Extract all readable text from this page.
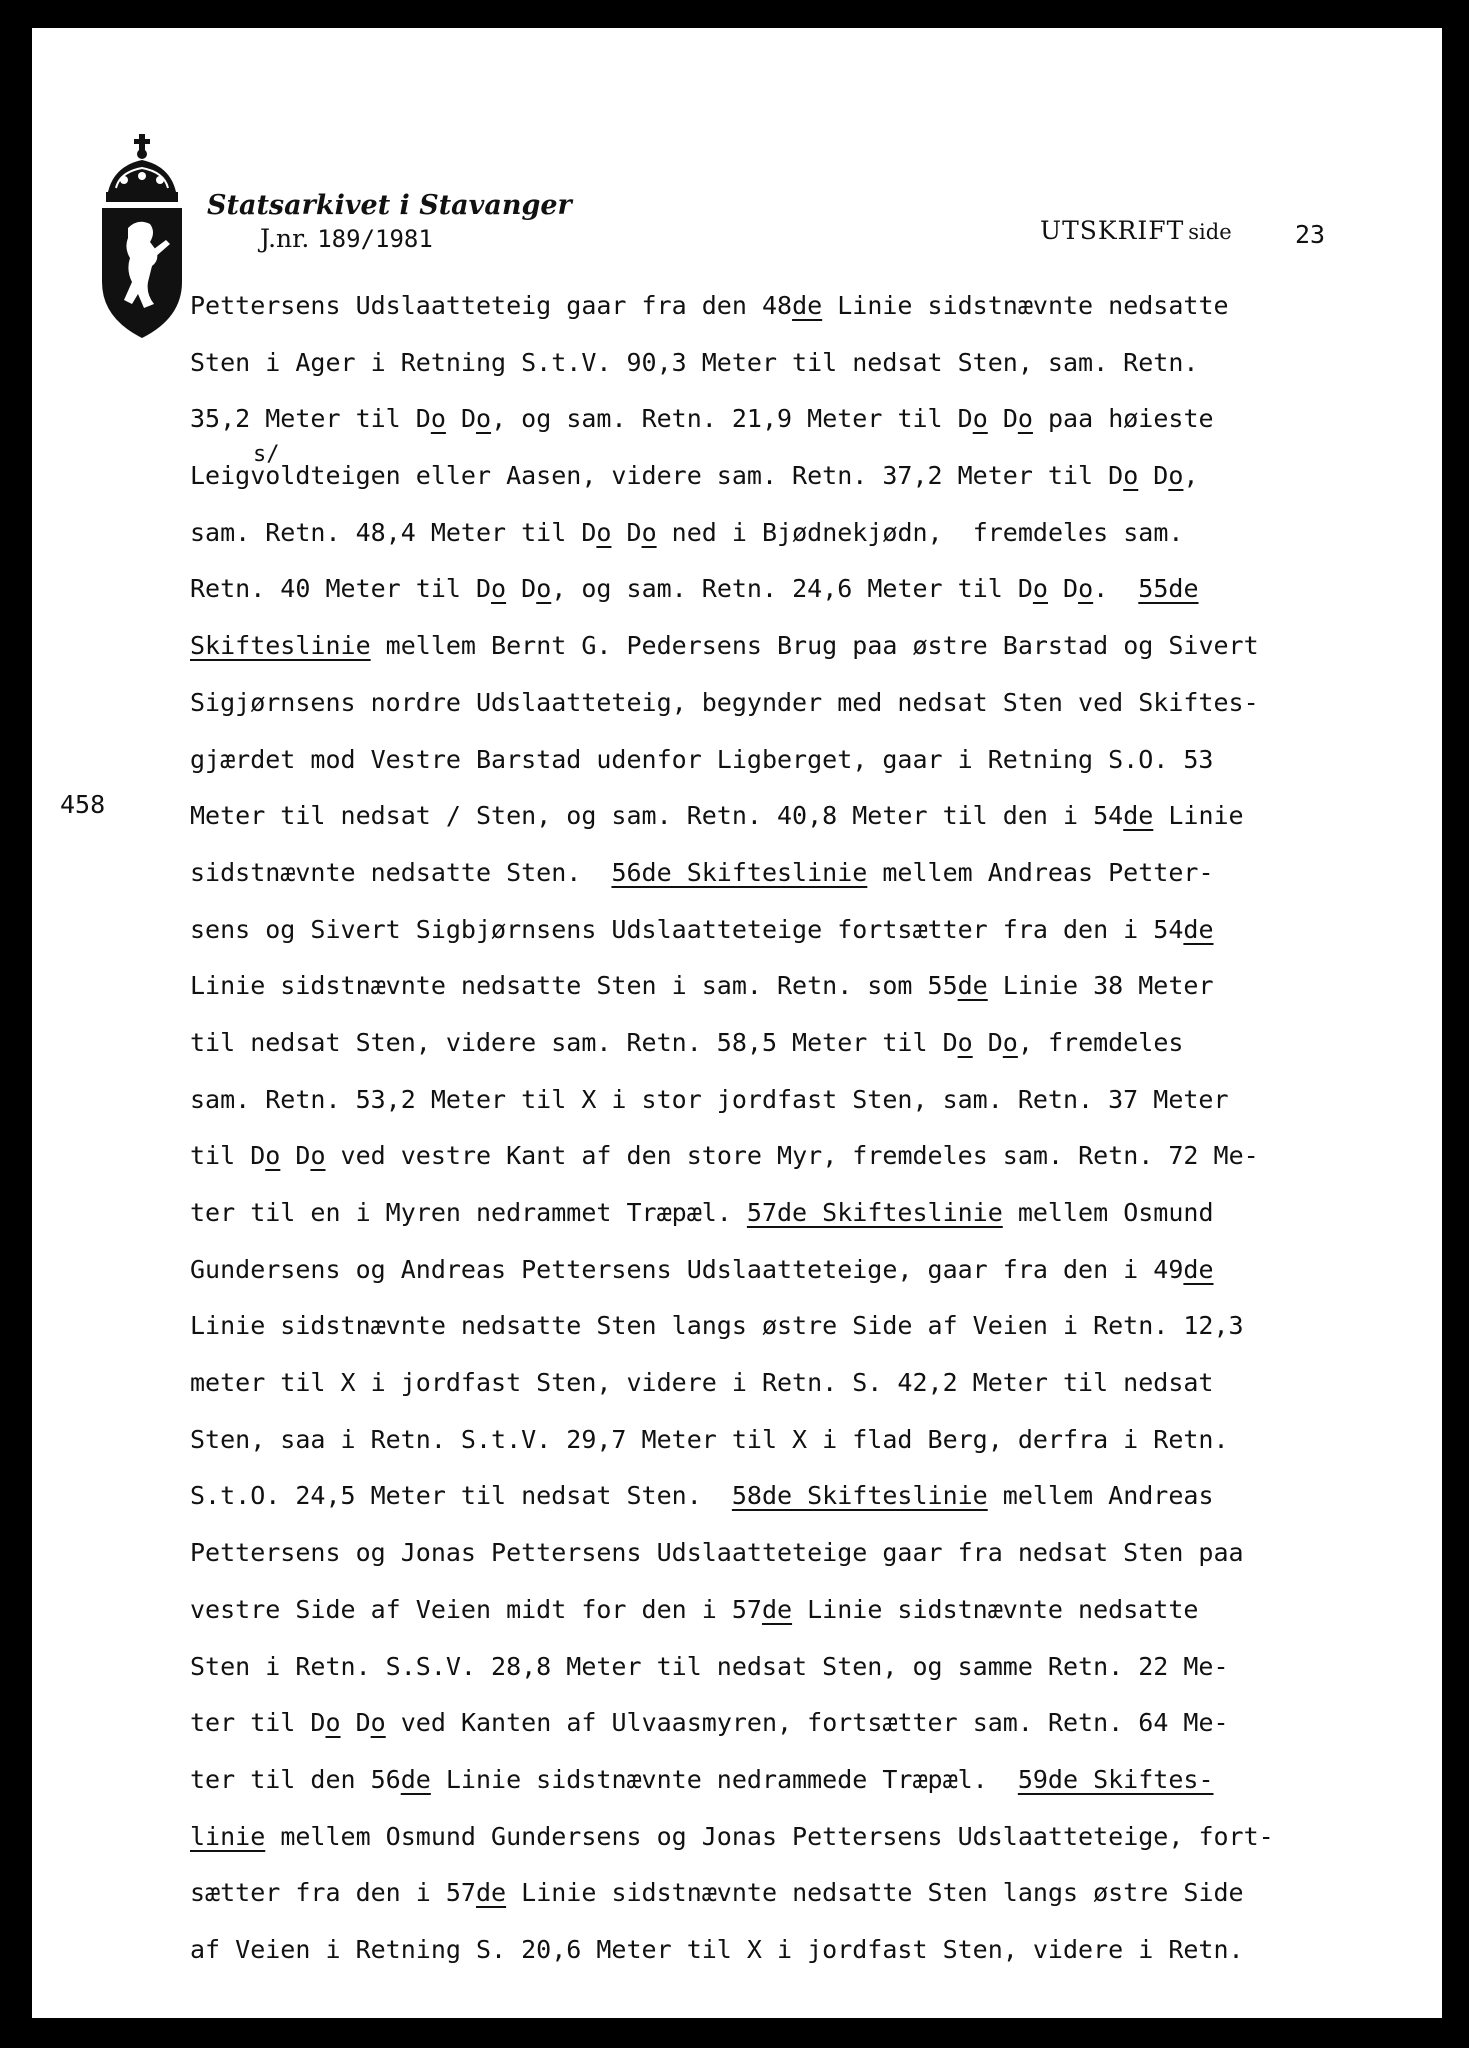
Statsarkivet i Stavanger
J.nr. 189/1981	UTSKRIFT side	23
458
s/
Pettersens Udslaatteteig gaar fra den 48de Linie sidstnævnte nedsatte
Sten i Ager i Retning S.t.V. 90,3 Meter til nedsat Sten, sam. Retn.
35,2 Meter til Do Do, og sam. Retn. 21,9 Meter til Do Do paa høieste
Leigvoldteigen eller Aasen, videre sam. Retn. 37,2 Meter til Do Do,
sam. Retn. 48,4 Meter til Do Do ned i Bjødnekjødn,  fremdeles sam.
Retn. 40 Meter til Do Do, og sam. Retn. 24,6 Meter til Do Do.  55de
Skifteslinie mellem Bernt G. Pedersens Brug paa østre Barstad og Sivert
Sigjørnsens nordre Udslaatteteig, begynder med nedsat Sten ved Skiftes-
gjærdet mod Vestre Barstad udenfor Ligberget, gaar i Retning S.O. 53
Meter til nedsat / Sten, og sam. Retn. 40,8 Meter til den i 54de Linie
sidstnævnte nedsatte Sten.  56de Skifteslinie mellem Andreas Petter-
sens og Sivert Sigbjørnsens Udslaatteteige fortsætter fra den i 54de
Linie sidstnævnte nedsatte Sten i sam. Retn. som 55de Linie 38 Meter
til nedsat Sten, videre sam. Retn. 58,5 Meter til Do Do, fremdeles
sam. Retn. 53,2 Meter til X i stor jordfast Sten, sam. Retn. 37 Meter
til Do Do ved vestre Kant af den store Myr, fremdeles sam. Retn. 72 Me-
ter til en i Myren nedrammet Træpæl. 57de Skifteslinie mellem Osmund
Gundersens og Andreas Pettersens Udslaatteteige, gaar fra den i 49de
Linie sidstnævnte nedsatte Sten langs østre Side af Veien i Retn. 12,3
meter til X i jordfast Sten, videre i Retn. S. 42,2 Meter til nedsat
Sten, saa i Retn. S.t.V. 29,7 Meter til X i flad Berg, derfra i Retn.
S.t.O. 24,5 Meter til nedsat Sten.  58de Skifteslinie mellem Andreas
Pettersens og Jonas Pettersens Udslaatteteige gaar fra nedsat Sten paa
vestre Side af Veien midt for den i 57de Linie sidstnævnte nedsatte
Sten i Retn. S.S.V. 28,8 Meter til nedsat Sten, og samme Retn. 22 Me-
ter til Do Do ved Kanten af Ulvaasmyren, fortsætter sam. Retn. 64 Me-
ter til den 56de Linie sidstnævnte nedrammede Træpæl.  59de Skiftes-
linie mellem Osmund Gundersens og Jonas Pettersens Udslaatteteige, fort-
sætter fra den i 57de Linie sidstnævnte nedsatte Sten langs østre Side
af Veien i Retning S. 20,6 Meter til X i jordfast Sten, videre i Retn.
